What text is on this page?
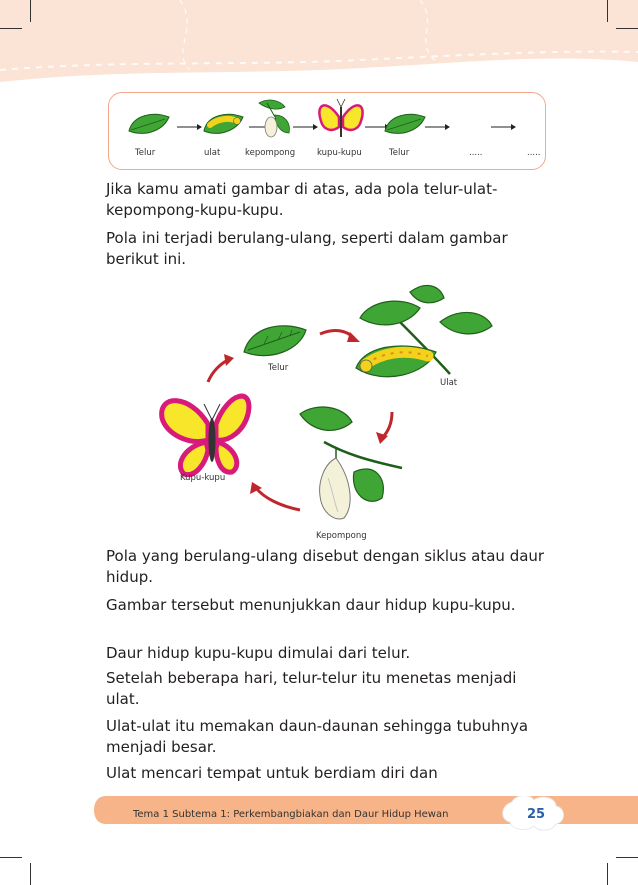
Telur	ulat	kepompong	kupu-kupu	Telur	.....	.....

Jika kamu amati gambar di atas, ada pola telur-ulat-kepompong-kupu-kupu.

Pola ini terjadi berulang-ulang, seperti dalam gambar berikut ini.

Telur
Ulat
Kupu-kupu
Kepompong

Pola yang berulang-ulang disebut dengan siklus atau daur hidup.

Gambar tersebut menunjukkan daur hidup kupu-kupu.

Daur hidup kupu-kupu dimulai dari telur.

Setelah beberapa hari, telur-telur itu menetas menjadi ulat.

Ulat-ulat itu memakan daun-daunan sehingga tubuhnya menjadi besar.

Ulat mencari tempat untuk berdiam diri dan

Tema 1 Subtema 1: Perkembangbiakan dan Daur Hidup Hewan	25
